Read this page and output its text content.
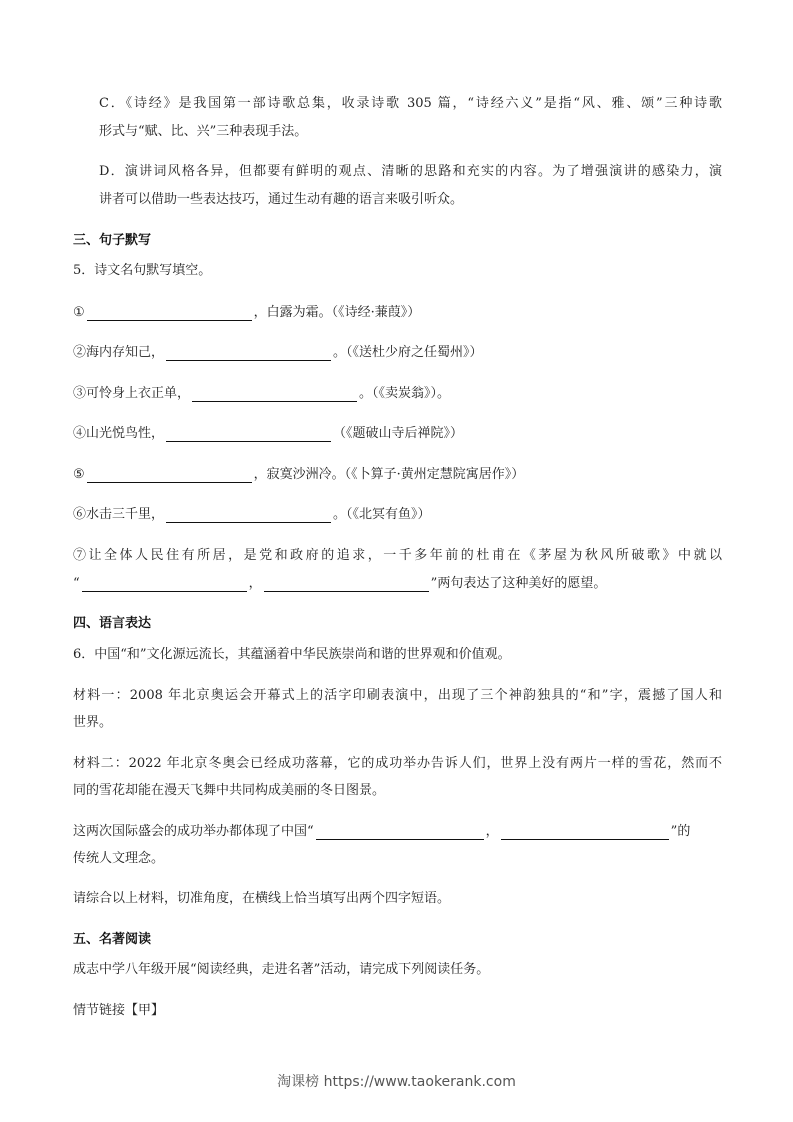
C．《诗经》是我国第一部诗歌总集，收录诗歌 305 篇，“诗经六义”是指“风、雅、颂”三种诗歌
形式与“赋、比、兴”三种表现手法。
D．演讲词风格各异，但都要有鲜明的观点、清晰的思路和充实的内容。为了增强演讲的感染力，演
讲者可以借助一些表达技巧，通过生动有趣的语言来吸引听众。
三、句子默写
5．诗文名句默写填空。
①	，白露为霜。（《诗经·蒹葭》）
②海内存知己，	。（《送杜少府之任蜀州》）
③可怜身上衣正单，	。（《卖炭翁》）。
④山光悦鸟性，	（《题破山寺后禅院》）
⑤	，寂寞沙洲冷。（《卜算子·黄州定慧院寓居作》）
⑥水击三千里，	。（《北冥有鱼》）
⑦让全体人民住有所居，是党和政府的追求，一千多年前的杜甫在《茅屋为秋风所破歌》中就以
“	，	”两句表达了这种美好的愿望。
四、语言表达
6．中国“和”文化源远流长，其蕴涵着中华民族崇尚和谐的世界观和价值观。
材料一：2008 年北京奥运会开幕式上的活字印刷表演中，出现了三个神韵独具的“和”字，震撼了国人和
世界。
材料二：2022 年北京冬奥会已经成功落幕，它的成功举办告诉人们，世界上没有两片一样的雪花，然而不
同的雪花却能在漫天飞舞中共同构成美丽的冬日图景。
这两次国际盛会的成功举办都体现了中国“	，	”的
传统人文理念。
请综合以上材料，切准角度，在横线上恰当填写出两个四字短语。
五、名著阅读
成志中学八年级开展“阅读经典，走进名著”活动，请完成下列阅读任务。
情节链接【甲】
淘课榜 https://www.taokerank.com
